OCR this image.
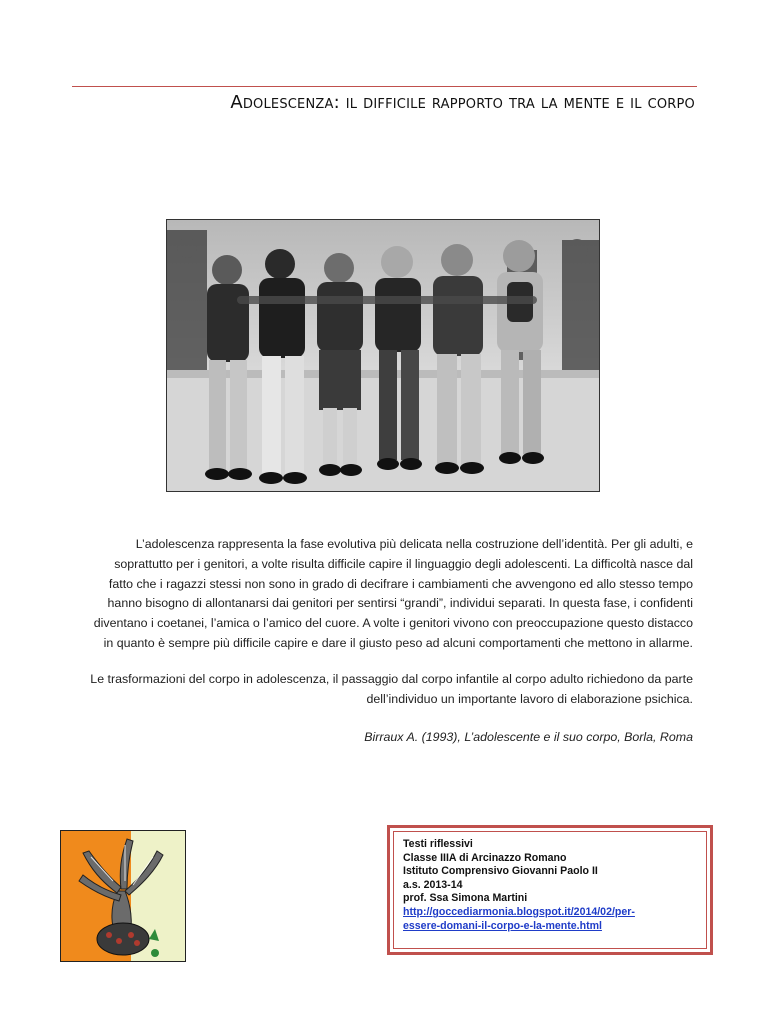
Adolescenza: il difficile rapporto tra la mente e il corpo
L’adolescenza rappresenta la fase evolutiva più delicata nella costruzione dell’identità. Per gli adulti, e
soprattutto per i genitori, a volte risulta difficile capire il linguaggio degli adolescenti. La difficoltà nasce dal
fatto che i ragazzi stessi non sono in grado di decifrare i cambiamenti che avvengono ed allo stesso tempo
hanno bisogno di allontanarsi dai genitori per sentirsi “grandi”, individui separati. In questa fase, i confidenti
diventano i coetanei, l’amica o l’amico del cuore. A volte i genitori vivono con preoccupazione questo distacco
in quanto è sempre più difficile capire e dare il giusto peso ad alcuni comportamenti che mettono in allarme.
Le trasformazioni del corpo in adolescenza, il passaggio dal corpo infantile al corpo adulto richiedono da parte
dell’individuo un importante lavoro di elaborazione psichica.
Birraux A. (1993), L’adolescente e il suo corpo, Borla, Roma
Testi riflessivi
Classe IIIA di Arcinazzo Romano
Istituto Comprensivo Giovanni Paolo II
a.s. 2013-14
prof. Ssa Simona Martini
http://goccediarmonia.blogspot.it/2014/02/per-
essere-domani-il-corpo-e-la-mente.html
